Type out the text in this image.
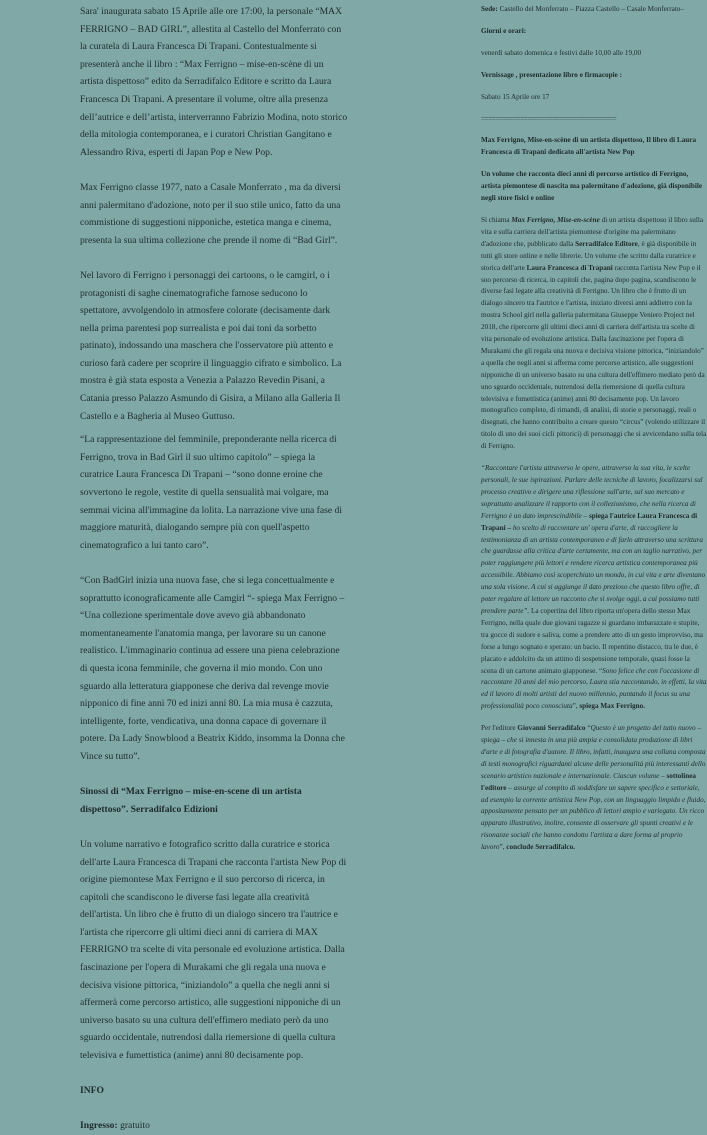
Sara' inaugurata sabato 15 Aprile alle ore 17:00, la personale “MAX FERRIGNO – BAD GIRL”, allestita al Castello del Monferrato con la curatela di Laura Francesca Di Trapani. Contestualmente si presenterà anche il libro : “Max Ferrigno – mise-en-scène di un artista dispettoso” edito da Serradifalco Editore e scritto da Laura Francesca Di Trapani. A presentare il volume, oltre alla presenza dell’autrice e dell’artista, interverranno Fabrizio Modina, noto storico della mitologia contemporanea, e i curatori Christian Gangitano e Alessandro Riva, esperti di Japan Pop e New Pop.

Max Ferrigno classe 1977, nato a Casale Monferrato , ma da diversi anni palermitano d'adozione, noto per il suo stile unico, fatto da una commistione di suggestioni nipponiche, estetica manga e cinema, presenta la sua ultima collezione che prende il nome di “Bad Girl”.

Nel lavoro di Ferrigno i personaggi dei cartoons, o le camgirl, o i protagonisti di saghe cinematografiche famose seducono lo spettatore, avvolgendolo in atmosfere colorate (decisamente dark nella prima parentesi pop surrealista e poi dai toni da sorbetto patinato), indossando una maschera che l'osservatore più attento e curioso farà cadere per scoprire il linguaggio cifrato e simbolico. La mostra è già stata esposta a Venezia a Palazzo Revedin Pisani, a Catania presso Palazzo Asmundo di Gisira, a Milano alla Galleria Il Castello e a Bagheria al Museo Guttuso.

“La rappresentazione del femminile, preponderante nella ricerca di Ferrigno, trova in Bad Girl il suo ultimo capitolo” – spiega la curatrice Laura Francesca Di Trapani – “sono donne eroine che sovvertono le regole, vestite di quella sensualità mai volgare, ma semmai vicina all'immagine da lolita. La narrazione vive una fase di maggiore maturità, dialogando sempre più con quell'aspetto cinematografico a lui tanto caro”.

“Con BadGirl inizia una nuova fase, che si lega concettualmente e soprattutto iconograficamente alle Camgirl “- spiega Max Ferrigno – “Una collezione sperimentale dove avevo già abbandonato momentaneamente l'anatomia manga, per lavorare su un canone realistico. L'immaginario continua ad essere una piena celebrazione di questa icona femminile, che governa il mio mondo. Con uno sguardo alla letteratura giapponese che deriva dal revenge movie nipponico di fine anni 70 ed inizi anni 80. La mia musa è cazzuta, intelligente, forte, vendicativa, una donna capace di governare il potere. Da Lady Snowblood a Beatrix Kiddo, insomma la Donna che Vince su tutto”.

Sinossi di “Max Ferrigno – mise-en-scene di un artista dispettoso”. Serradifalco Edizioni

Un volume narrativo e fotografico scritto dalla curatrice e storica dell'arte Laura Francesca di Trapani che racconta l'artista New Pop di origine piemontese Max Ferrigno e il suo percorso di ricerca, in capitoli che scandiscono le diverse fasi legate alla creatività dell'artista. Un libro che è frutto di un dialogo sincero tra l'autrice e l'artista che ripercorre gli ultimi dieci anni di carriera di MAX FERRIGNO tra scelte di vita personale ed evoluzione artistica. Dalla fascinazione per l'opera di Murakami che gli regala una nuova e decisiva visione pittorica, “iniziandolo” a quella che negli anni si affermerà come percorso artistico, alle suggestioni nipponiche di un universo basato su una cultura dell'effimero mediato però da uno sguardo occidentale, nutrendosi dalla riemersione di quella cultura televisiva e fumettistica (anime) anni 80 decisamente pop.

INFO

Ingresso: gratuito

Sede: Castello del Monferrato – Piazza Castello – Casale Monferrato–

Giorni e orari:

venerdì sabato domenica e festivi dalle 10,00 alle 19,00

Vernissage , presentazione libro e firmacopie :

Sabato 15 Aprile ore 17

======================================

Max Ferrigno, Mise-en-scène di un artista dispettoso, Il libro di Laura Francesca di Trapani dedicato all'artista New Pop

Un volume che racconta dieci anni di percorso artistico di Ferrigno, artista piemontese di nascita ma palermitano d'adozione, già disponibile negli store fisici e online

Si chiama Max Ferrigno, Mise-en-scène di un artista dispettoso il libro sulla vita e sulla carriera dell'artista piemontese d'origine ma palermitano d'adozione che, pubblicato dalla Serradifalco Editore, è già disponibile in tutti gli store online e nelle librerie. Un volume che scritto dalla curatrice e storica dell'arte Laura Francesca di Trapani racconta l'artista New Pop e il suo percorso di ricerca, in capitoli che, pagina dopo pagina, scandiscono le diverse fasi legate alla creatività di Ferrigno. Un libro che è frutto di un dialogo sincero tra l'autrice e l'artista, iniziato diversi anni addietro con la mostra School girl nella galleria palermitana Giuseppe Veniero Project nel 2018, che ripercorre gli ultimi dieci anni di carriera dell'artista tra scelte di vita personale ed evoluzione artistica. Dalla fascinazione per l'opera di Murakami che gli regala una nuova e decisiva visione pittorica, “iniziandolo” a quella che negli anni si afferma come percorso artistico, alle suggestioni nipponiche di un universo basato su una cultura dell'effimero mediato però da uno sguardo occidentale, nutrendosi della riemersione di quella cultura televisiva e fumettistica (anime) anni 80 decisamente pop. Un lavoro monografico completo, di rimandi, di analisi, di storie e personaggi, reali o disegnati, che hanno contribuito a creare questo “circus” (volendo utilizzare il titolo di uno dei suoi cicli pittorici) di personaggi che si avvicendano sulla tela di Ferrigno.

“Raccontare l'artista attraverso le opere, attraverso la sua vita, le scelte personali, le sue ispirazioni. Parlare delle tecniche di lavoro, focalizzarsi sul processo creativo e dirigere una riflessione sull'arte, sul suo mercato e soprattutto analizzare il rapporto con il collezionismo, che nella ricerca di Ferrigno è un dato imprescindibile – spiega l'autrice Laura Francesca di Trapani – ho scelto di raccontare un' opera d'arte, di raccogliere la testimonianza di un artista contemporaneo e di farlo attraverso una scrittura che guardasse alla critica d'arte certamente, ma con un taglio narrativo, per poter raggiungere più lettori e rendere ricerca artistica contemporanea più accessibile. Abbiamo così scoperchiato un mondo, in cui vita e arte diventano una sola visione. A cui si aggiunge il dato prezioso che questo libro offre, di poter regalare al lettore un racconto che si svolge oggi, a cui possiamo tutti prendere parte”. La copertina del libro riporta un'opera dello stesso Max Ferrigno, nella quale due giovani ragazze si guardano imbarazzate e stupite, tra gocce di sudore e saliva, come a prendere atto di un gesto improvviso, ma forse a lungo sognato e sperato: un bacio. Il repentino distacco, tra le due, è placato e addolcito da un attimo di sospensione temporale, quasi fosse la scena di un cartone animato giapponese. “Sono felice che con l'occasione di raccontare 10 anni del mio percorso, Laura stia raccontando, in effetti, la vita ed il lavoro di molti artisti del nuovo millennio, puntando il focus su una professionalità poco conosciuta”, spiega Max Ferrigno.

Per l'editore Giovanni Serradifalco “Questo è un progetto del tutto nuovo – spiega – che si innesta in una più ampia e consolidata produzione di libri d'arte e di fotografia d'autore. Il libro, infatti, inaugura una collana composta di testi monografici riguardanti alcune delle personalità più interessanti dello scenario artistico nazionale e internazionale. Ciascun volume – sottolinea l'editore – assurge al compito di soddisfare un sapere specifico e settoriale, ad esempio la corrente artistica New Pop, con un linguaggio limpido e fluido, appositamente pensato per un pubblico di lettori ampio e variegato. Un ricco apparato illustrativo, inoltre, consente di osservare gli spunti creativi e le risonanze sociali che hanno condotto l'artista a dare forma al proprio lavoro”, conclude Serradifalco.
